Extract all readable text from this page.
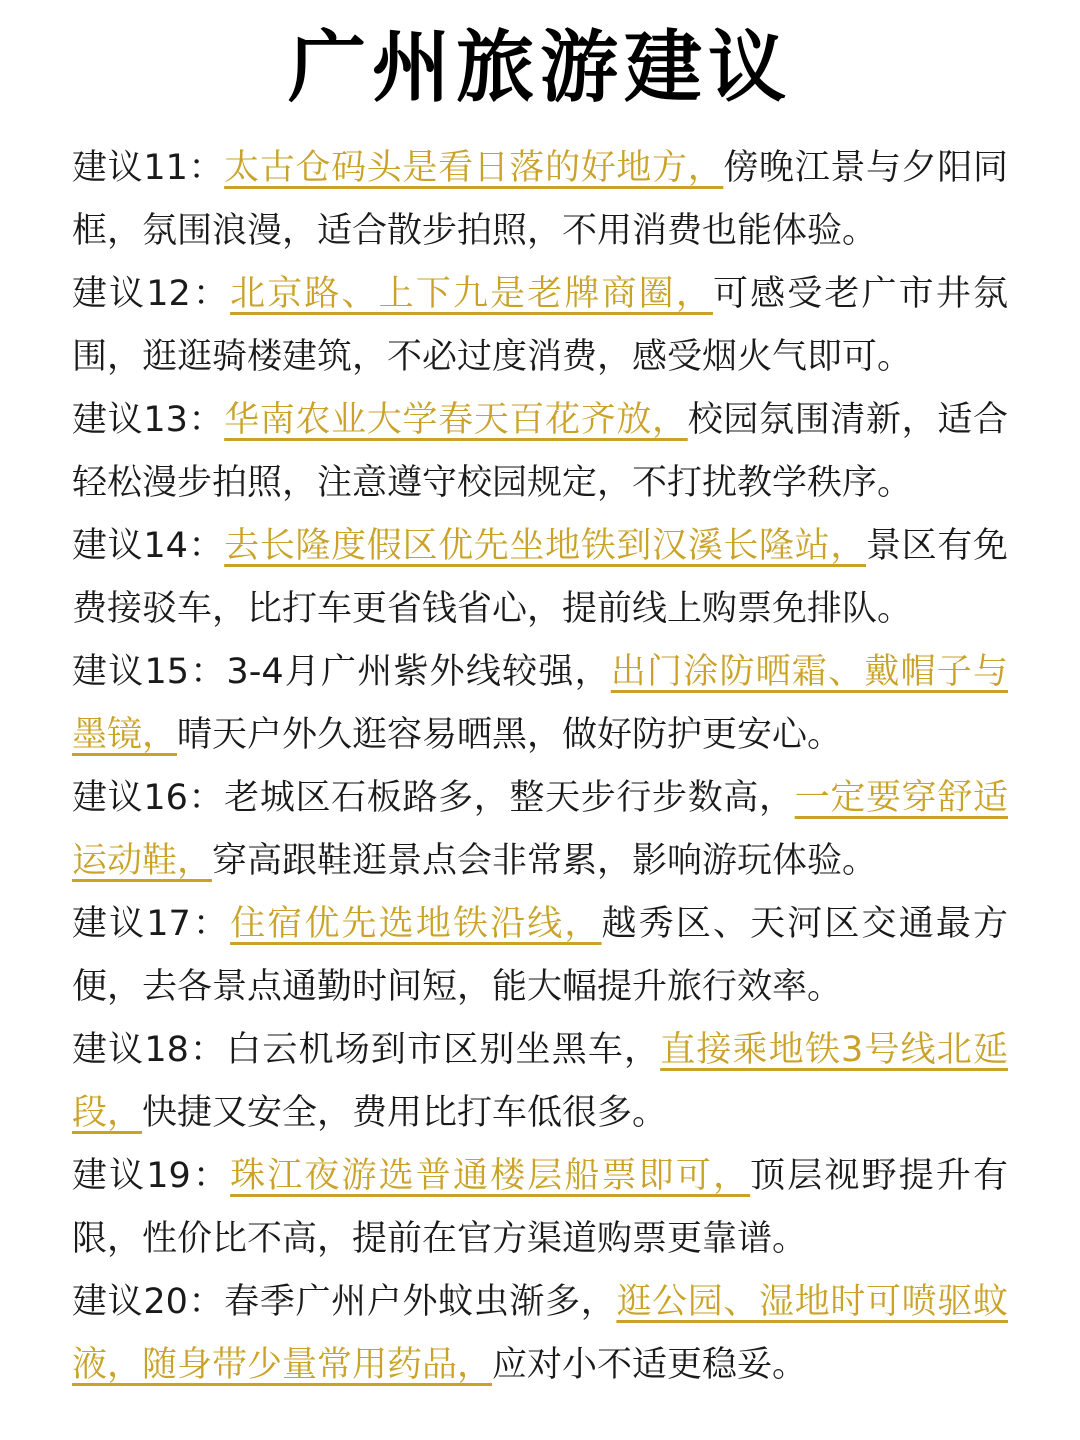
广州旅游建议

建议11：太古仓码头是看日落的好地方，傍晚江景与夕阳同框，氛围浪漫，适合散步拍照，不用消费也能体验。

建议12：北京路、上下九是老牌商圈，可感受老广市井氛围，逛逛骑楼建筑，不必过度消费，感受烟火气即可。

建议13：华南农业大学春天百花齐放，校园氛围清新，适合轻松漫步拍照，注意遵守校园规定，不打扰教学秩序。

建议14：去长隆度假区优先坐地铁到汉溪长隆站，景区有免费接驳车，比打车更省钱省心，提前线上购票免排队。

建议15：3-4月广州紫外线较强，出门涂防晒霜、戴帽子与墨镜，晴天户外久逛容易晒黑，做好防护更安心。

建议16：老城区石板路多，整天步行步数高，一定要穿舒适运动鞋，穿高跟鞋逛景点会非常累，影响游玩体验。

建议17：住宿优先选地铁沿线，越秀区、天河区交通最方便，去各景点通勤时间短，能大幅提升旅行效率。

建议18：白云机场到市区别坐黑车，直接乘地铁3号线北延段，快捷又安全，费用比打车低很多。

建议19：珠江夜游选普通楼层船票即可，顶层视野提升有限，性价比不高，提前在官方渠道购票更靠谱。

建议20：春季广州户外蚊虫渐多，逛公园、湿地时可喷驱蚊液，随身带少量常用药品，应对小不适更稳妥。
